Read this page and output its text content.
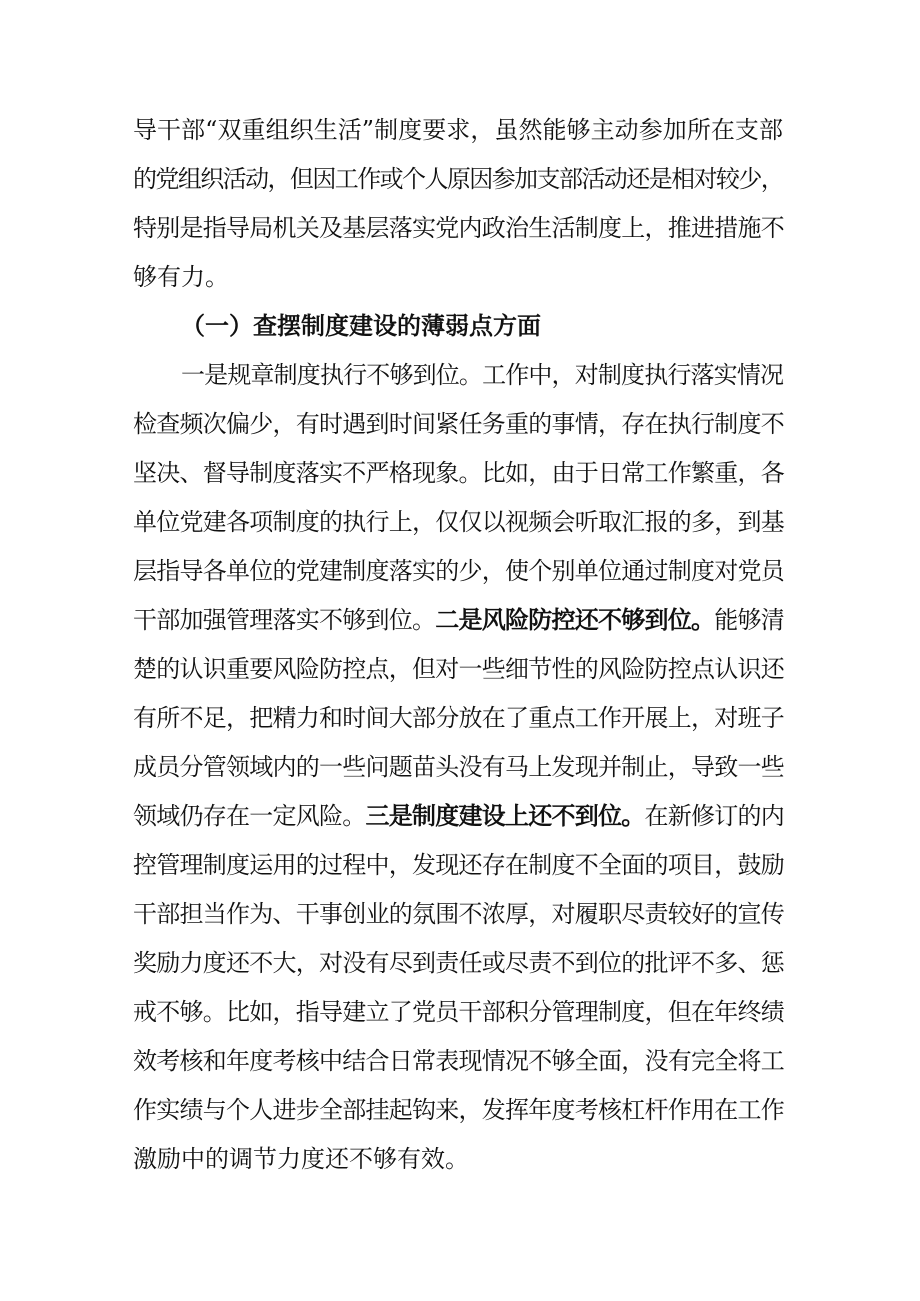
导干部“双重组织生活”制度要求，虽然能够主动参加所在支部
的党组织活动，但因工作或个人原因参加支部活动还是相对较少，
特别是指导局机关及基层落实党内政治生活制度上，推进措施不
够有力。
（一）查摆制度建设的薄弱点方面
一是规章制度执行不够到位。工作中，对制度执行落实情况
检查频次偏少，有时遇到时间紧任务重的事情，存在执行制度不
坚决、督导制度落实不严格现象。比如，由于日常工作繁重，各
单位党建各项制度的执行上，仅仅以视频会听取汇报的多，到基
层指导各单位的党建制度落实的少，使个别单位通过制度对党员
干部加强管理落实不够到位。二是风险防控还不够到位。能够清
楚的认识重要风险防控点，但对一些细节性的风险防控点认识还
有所不足，把精力和时间大部分放在了重点工作开展上，对班子
成员分管领域内的一些问题苗头没有马上发现并制止，导致一些
领域仍存在一定风险。三是制度建设上还不到位。在新修订的内
控管理制度运用的过程中，发现还存在制度不全面的项目，鼓励
干部担当作为、干事创业的氛围不浓厚，对履职尽责较好的宣传
奖励力度还不大，对没有尽到责任或尽责不到位的批评不多、惩
戒不够。比如，指导建立了党员干部积分管理制度，但在年终绩
效考核和年度考核中结合日常表现情况不够全面，没有完全将工
作实绩与个人进步全部挂起钩来，发挥年度考核杠杆作用在工作
激励中的调节力度还不够有效。
